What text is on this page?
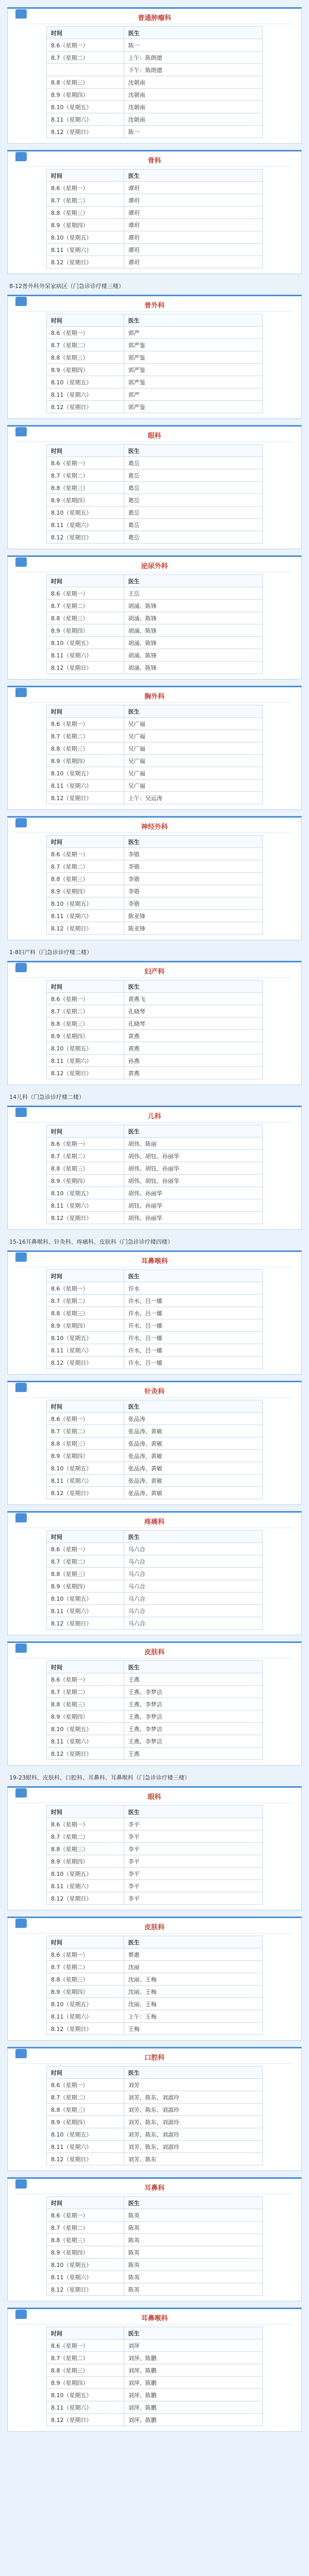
普通肿瘤科
时间	医生
8.6（星期一）	陈一
8.7（星期二）	上午：陈朗德
	下午：陈朗德
8.8（星期三）	沈朝南
8.9（星期四）	沈朝南
8.10（星期五）	沈朝南
8.11（星期六）	沈朝南
8.12（星期日）	陈一
骨科
时间	医生
8.6（星期一）	谭玥
8.7（星期二）	谭玥
8.8（星期三）	谭玥
8.9（星期四）	谭玥
8.10（星期五）	谭玥
8.11（星期六）	谭玥
8.12（星期日）	谭玥
8-12普外科外呆家病区（门急诊诊疗楼三楼）
普外科
时间	医生
8.6（星期一）	郭严
8.7（星期二）	郭严鉴
8.8（星期三）	郭严鉴
8.9（星期四）	郭严鉴
8.10（星期五）	郭严鉴
8.11（星期六）	郭严
8.12（星期日）	郭严鉴
眼科
时间	医生
8.6（星期一）	葛岳
8.7（星期二）	葛岳
8.8（星期三）	葛岳
8.9（星期四）	葛岳
8.10（星期五）	葛岳
8.11（星期六）	葛岳
8.12（星期日）	葛岳
泌尿外科
时间	医生
8.6（星期一）	王岳
8.7（星期二）	胡涌、陈锋
8.8（星期三）	胡涌、陈锋
8.9（星期四）	胡涌、陈锋
8.10（星期五）	胡涌、陈锋
8.11（星期六）	胡涌、陈锋
8.12（星期日）	胡涌、陈锋
胸外科
时间	医生
8.6（星期一）	吴广福
8.7（星期二）	吴广福
8.8（星期三）	吴广福
8.9（星期四）	吴广福
8.10（星期五）	吴广福
8.11（星期六）	吴广福
8.12（星期日）	上午：吴运涛
神经外科
时间	医生
8.6（星期一）	李锴
8.7（星期二）	李锴
8.8（星期三）	李锴
8.9（星期四）	李锴
8.10（星期五）	李锴
8.11（星期六）	陈亚锋
8.12（星期日）	陈亚锋
1-8妇产科（门急诊诊疗楼二楼）
妇产科
时间	医生
8.6（星期一）	黄燕飞
8.7（星期二）	孔晓琴
8.8（星期三）	孔晓琴
8.9（星期四）	黄燕
8.10（星期五）	黄燕
8.11（星期六）	孙燕
8.12（星期日）	黄燕
14儿科（门急诊诊疗楼二楼）
儿科
时间	医生
8.6（星期一）	胡伟、陈丽
8.7（星期二）	胡伟、胡钰、孙丽华
8.8（星期三）	胡伟、胡钰、孙丽华
8.9（星期四）	胡伟、胡钰、孙丽华
8.10（星期五）	胡伟、孙丽华
8.11（星期六）	胡钰、孙丽华
8.12（星期日）	胡伟、孙丽华
15-16耳鼻喉科、针灸科、疼痛科、皮肤科（门急诊诊疗楼四楼）
耳鼻喉科
时间	医生
8.6（星期一）	许水
8.7（星期二）	许水、吕一娜
8.8（星期三）	许水、吕一娜
8.9（星期四）	许水、吕一娜
8.10（星期五）	许水、吕一娜
8.11（星期六）	许水、吕一娜
8.12（星期日）	许水、吕一娜
针灸科
时间	医生
8.6（星期一）	张品涛
8.7（星期二）	张品涛、黄敏
8.8（星期三）	张品涛、黄敏
8.9（星期四）	张品涛、黄敏
8.10（星期五）	张品涛、黄敏
8.11（星期六）	张品涛、黄敏
8.12（星期日）	张品涛、黄敏
疼痛科
时间	医生
8.6（星期一）	马六合
8.7（星期二）	马六合
8.8（星期三）	马六合
8.9（星期四）	马六合
8.10（星期五）	马六合
8.11（星期六）	马六合
8.12（星期日）	马六合
皮肤科
时间	医生
8.6（星期一）	王燕
8.7（星期二）	王燕、李梦洁
8.8（星期三）	王燕、李梦洁
8.9（星期四）	王燕、李梦洁
8.10（星期五）	王燕、李梦洁
8.11（星期六）	王燕、李梦洁
8.12（星期日）	王燕
19-23眼科、皮肤科、口腔科、耳鼻科、耳鼻喉科（门急诊诊疗楼三楼）
眼科
时间	医生
8.6（星期一）	李平
8.7（星期二）	李平
8.8（星期三）	李平
8.9（星期四）	李平
8.10（星期五）	李平
8.11（星期六）	李平
8.12（星期日）	李平
皮肤科
时间	医生
8.6（星期一）	蔡惠
8.7（星期二）	沈丽
8.8（星期三）	沈丽、王梅
8.9（星期四）	沈丽、王梅
8.10（星期五）	沈丽、王梅
8.11（星期六）	上午：王梅
8.12（星期日）	王梅
口腔科
时间	医生
8.6（星期一）	刘芳
8.7（星期二）	刘芳、陈东、刘淑玲
8.8（星期三）	刘芳、陈东、刘淑玲
8.9（星期四）	刘芳、陈东、刘淑玲
8.10（星期五）	刘芳、陈东、刘淑玲
8.11（星期六）	刘芳、陈东、刘淑玲
8.12（星期日）	刘芳、陈东
耳鼻科
时间	医生
8.6（星期一）	陈英
8.7（星期二）	陈英
8.8（星期三）	陈英
8.9（星期四）	陈英
8.10（星期五）	陈英
8.11（星期六）	陈英
8.12（星期日）	陈英
耳鼻喉科
时间	医生
8.6（星期一）	刘萍
8.7（星期二）	刘萍、陈鹏
8.8（星期三）	刘萍、陈鹏
8.9（星期四）	刘萍、陈鹏
8.10（星期五）	刘萍、陈鹏
8.11（星期六）	刘萍、陈鹏
8.12（星期日）	刘萍、陈鹏
